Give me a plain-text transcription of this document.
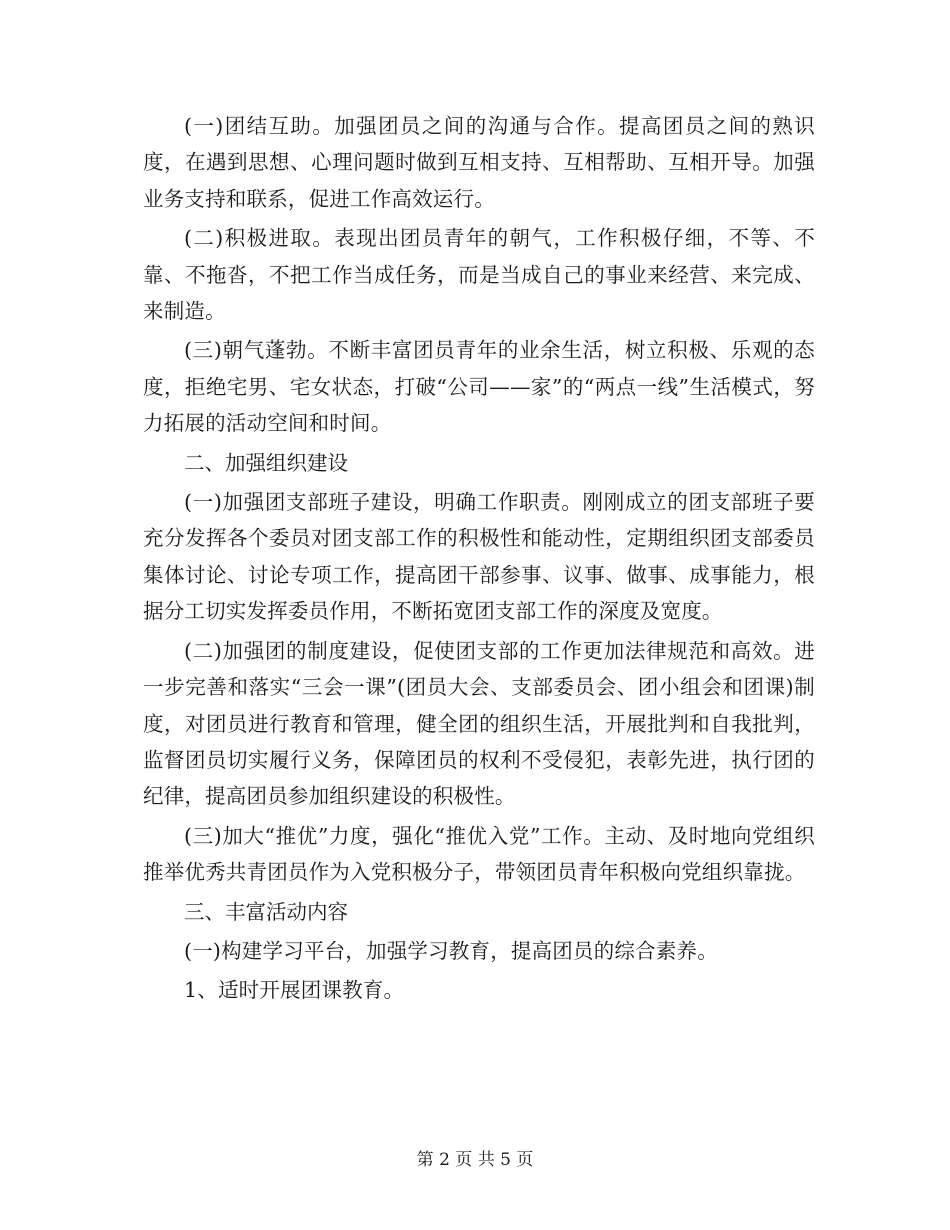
(一)团结互助。加强团员之间的沟通与合作。提高团员之间的熟识度，在遇到思想、心理问题时做到互相支持、互相帮助、互相开导。加强业务支持和联系，促进工作高效运行。

(二)积极进取。表现出团员青年的朝气，工作积极仔细，不等、不靠、不拖沓，不把工作当成任务，而是当成自己的事业来经营、来完成、来制造。

(三)朝气蓬勃。不断丰富团员青年的业余生活，树立积极、乐观的态度，拒绝宅男、宅女状态，打破“公司——家”的“两点一线”生活模式，努力拓展的活动空间和时间。

二、加强组织建设

(一)加强团支部班子建设，明确工作职责。刚刚成立的团支部班子要充分发挥各个委员对团支部工作的积极性和能动性，定期组织团支部委员集体讨论、讨论专项工作，提高团干部参事、议事、做事、成事能力，根据分工切实发挥委员作用，不断拓宽团支部工作的深度及宽度。

(二)加强团的制度建设，促使团支部的工作更加法律规范和高效。进一步完善和落实“三会一课”(团员大会、支部委员会、团小组会和团课)制度，对团员进行教育和管理，健全团的组织生活，开展批判和自我批判，监督团员切实履行义务，保障团员的权利不受侵犯，表彰先进，执行团的纪律，提高团员参加组织建设的积极性。

(三)加大“推优”力度，强化“推优入党”工作。主动、及时地向党组织推举优秀共青团员作为入党积极分子，带领团员青年积极向党组织靠拢。

三、丰富活动内容

(一)构建学习平台，加强学习教育，提高团员的综合素养。

1、适时开展团课教育。

第 2 页 共 5 页
